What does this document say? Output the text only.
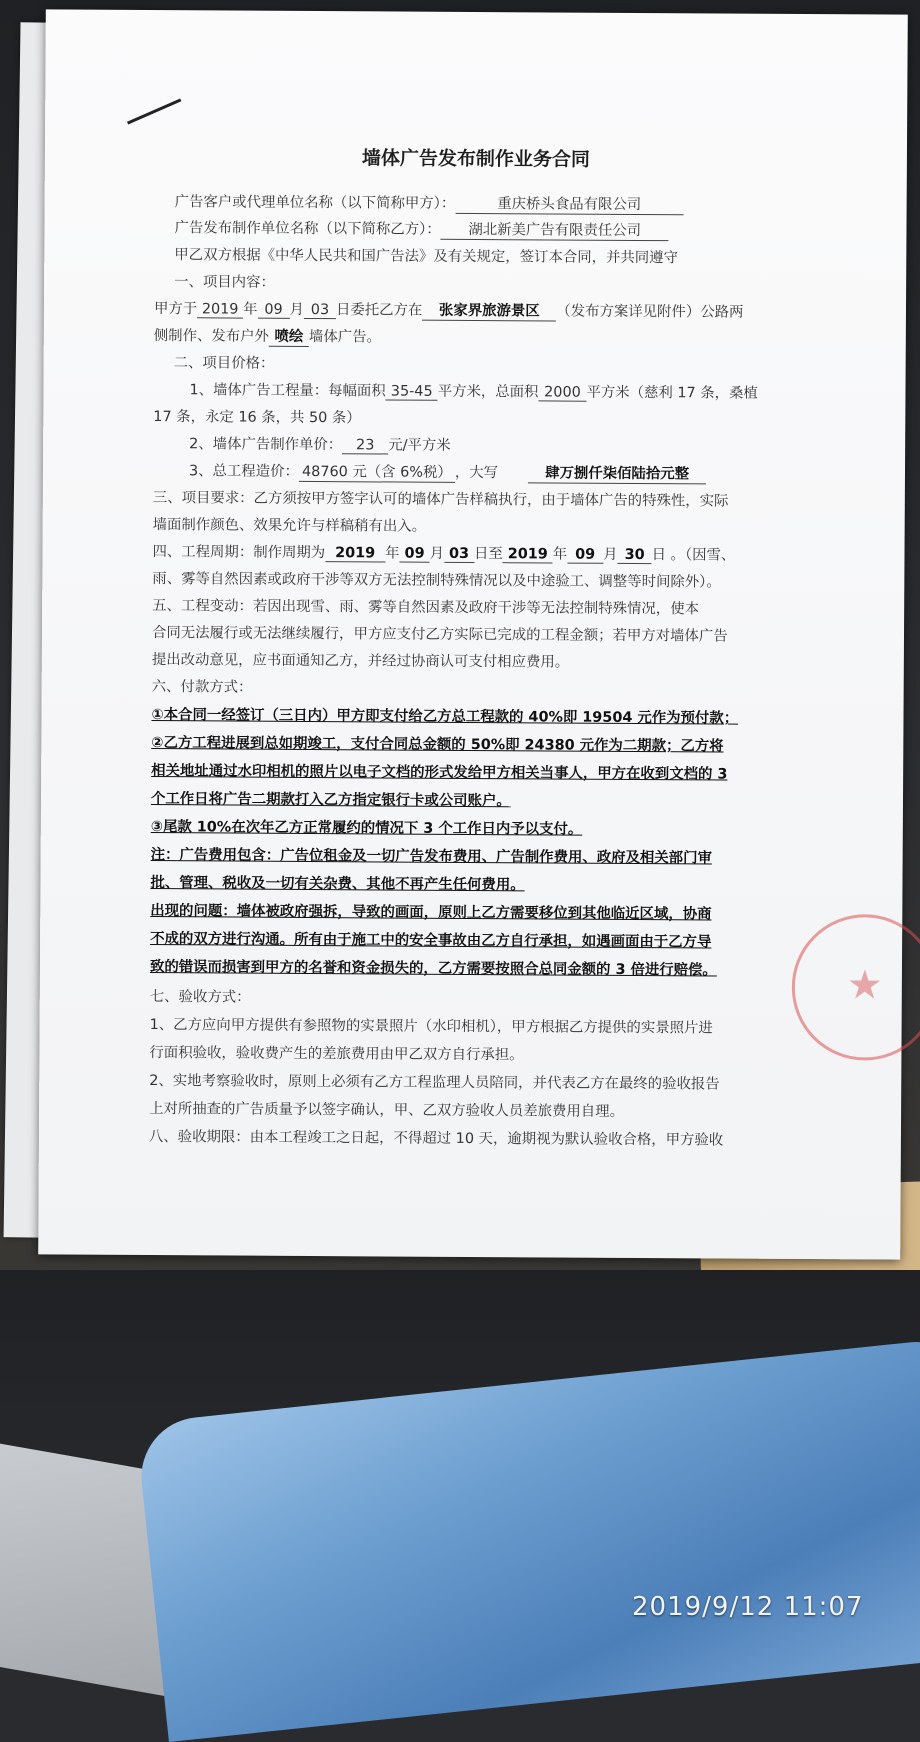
墙体广告发布制作业务合同
广告客户或代理单位名称（以下简称甲方）：	重庆桥头食品有限公司
广告发布制作单位名称（以下简称乙方）： 湖北新美广告有限责任公司
甲乙双方根据《中华人民共和国广告法》及有关规定，签订本合同，并共同遵守
一、项目内容：
甲方于 2019 年 09 月 03 日委托乙方在 张家界旅游景区 （发布方案详见附件）公路两
侧制作、发布户外 喷绘 墙体广告。
二、项目价格：
1、墙体广告工程量：每幅面积 35-45 平方米，总面积 2000 平方米（慈利 17 条，桑植
17 条，永定 16 条，共 50 条）
2、墙体广告制作单价： 23 元/平方米
3、总工程造价： 48760 元（含 6%税） ，大写	肆万捌仟柒佰陆拾元整
三、项目要求：乙方须按甲方签字认可的墙体广告样稿执行，由于墙体广告的特殊性，实际
墙面制作颜色、效果允许与样稿稍有出入。
四、工程周期：制作周期为 2019 年 09 月 03 日至 2019 年 09 月 30 日 。（因雪、
雨、雾等自然因素或政府干涉等双方无法控制特殊情况以及中途验工、调整等时间除外）。
五、工程变动：若因出现雪、雨、雾等自然因素及政府干涉等无法控制特殊情况，使本
合同无法履行或无法继续履行，甲方应支付乙方实际已完成的工程金额；若甲方对墙体广告
提出改动意见，应书面通知乙方，并经过协商认可支付相应费用。
六、付款方式：
①本合同一经签订（三日内）甲方即支付给乙方总工程款的 40%即 19504 元作为预付款；
②乙方工程进展到总如期竣工，支付合同总金额的 50%即 24380 元作为二期款；乙方将
相关地址通过水印相机的照片以电子文档的形式发给甲方相关当事人，甲方在收到文档的 3
个工作日将广告二期款打入乙方指定银行卡或公司账户。
③尾款 10%在次年乙方正常履约的情况下 3 个工作日内予以支付。
注：广告费用包含：广告位租金及一切广告发布费用、广告制作费用、政府及相关部门审
批、管理、税收及一切有关杂费、其他不再产生任何费用。
出现的问题：墙体被政府强拆，导致的画面，原则上乙方需要移位到其他临近区域，协商
不成的双方进行沟通。所有由于施工中的安全事故由乙方自行承担，如遇画面由于乙方导
致的错误而损害到甲方的名誉和资金损失的，乙方需要按照合总同金额的 3 倍进行赔偿。
七、验收方式：
1、乙方应向甲方提供有参照物的实景照片（水印相机），甲方根据乙方提供的实景照片进
行面积验收，验收费产生的差旅费用由甲乙双方自行承担。
2、实地考察验收时，原则上必须有乙方工程监理人员陪同，并代表乙方在最终的验收报告
上对所抽查的广告质量予以签字确认，甲、乙双方验收人员差旅费用自理。
八、验收期限：由本工程竣工之日起，不得超过 10 天，逾期视为默认验收合格，甲方验收
★
2019/9/12 11:07
